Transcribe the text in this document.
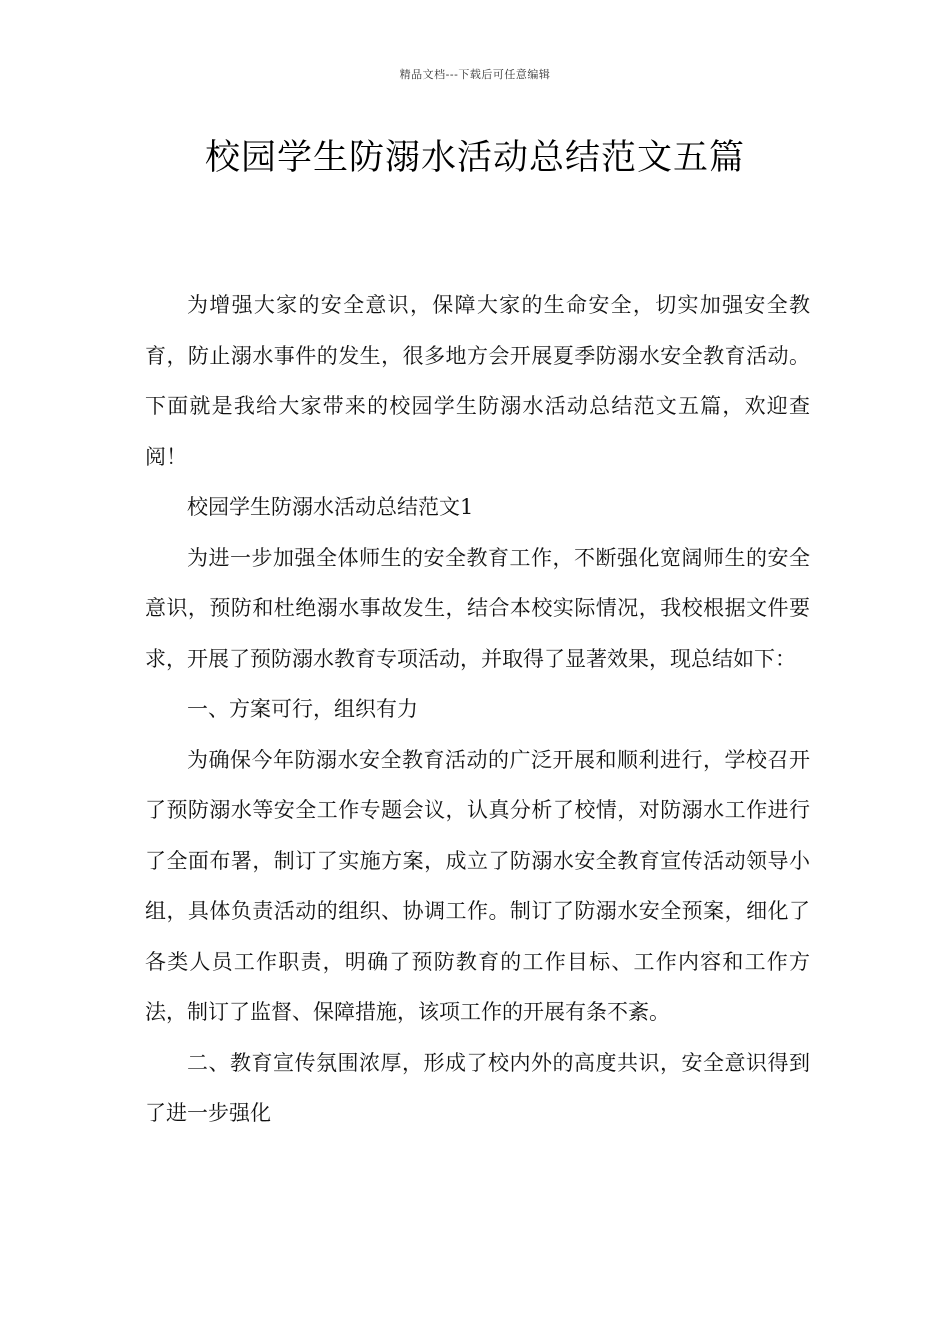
精品文档---下载后可任意编辑
校园学生防溺水活动总结范文五篇

为增强大家的安全意识，保障大家的生命安全，切实加强安全教育，防止溺水事件的发生，很多地方会开展夏季防溺水安全教育活动。下面就是我给大家带来的校园学生防溺水活动总结范文五篇，欢迎查阅！

校园学生防溺水活动总结范文1

为进一步加强全体师生的安全教育工作，不断强化宽阔师生的安全意识，预防和杜绝溺水事故发生，结合本校实际情况，我校根据文件要求，开展了预防溺水教育专项活动，并取得了显著效果，现总结如下：

一、方案可行，组织有力

为确保今年防溺水安全教育活动的广泛开展和顺利进行，学校召开了预防溺水等安全工作专题会议，认真分析了校情，对防溺水工作进行了全面布署，制订了实施方案，成立了防溺水安全教育宣传活动领导小组，具体负责活动的组织、协调工作。制订了防溺水安全预案，细化了各类人员工作职责，明确了预防教育的工作目标、工作内容和工作方法，制订了监督、保障措施，该项工作的开展有条不紊。

二、教育宣传氛围浓厚，形成了校内外的高度共识，安全意识得到了进一步强化
